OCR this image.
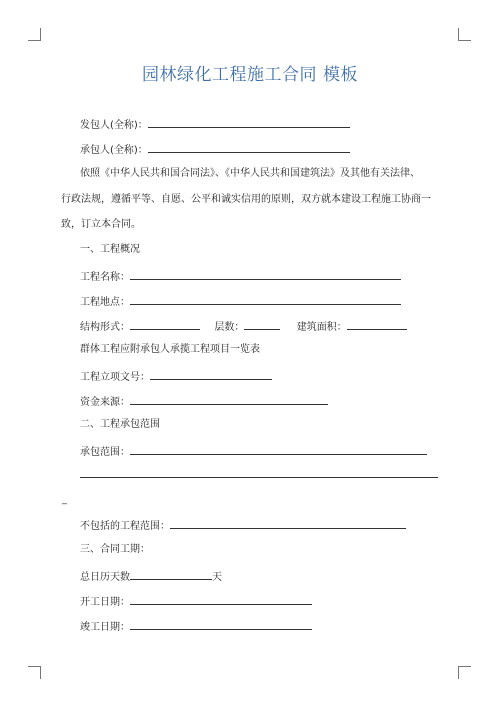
园林绿化工程施工合同 模板
发包人(全称)：
承包人(全称)：
依照《中华人民共和国合同法》、《中华人民共和国建筑法》及其他有关法律、
行政法规，遵循平等、自愿、公平和诚实信用的原则，双方就本建设工程施工协商一
致，订立本合同。
一、工程概况
工程名称：
工程地点：
结构形式：	层数：	建筑面积：
群体工程应附承包人承揽工程项目一览表
工程立项文号：
资金来源：
二、工程承包范围
承包范围：
_
不包括的工程范围：
三、合同工期：
总日历天数	天
开工日期：
竣工日期：
